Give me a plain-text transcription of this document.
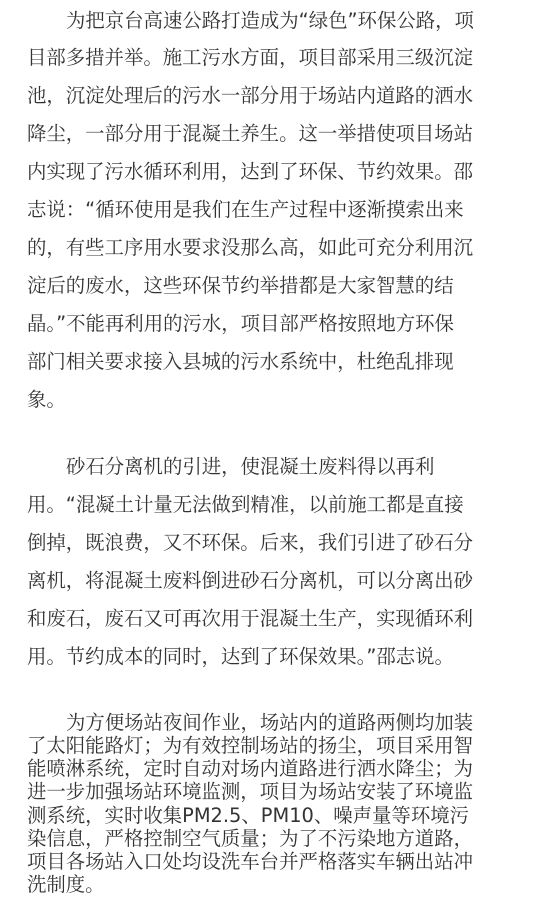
为把京台高速公路打造成为“绿色”环保公路，项
目部多措并举。施工污水方面，项目部采用三级沉淀
池，沉淀处理后的污水一部分用于场站内道路的洒水
降尘，一部分用于混凝土养生。这一举措使项目场站
内实现了污水循环利用，达到了环保、节约效果。邵
志说：“循环使用是我们在生产过程中逐渐摸索出来
的，有些工序用水要求没那么高，如此可充分利用沉
淀后的废水，这些环保节约举措都是大家智慧的结
晶。”不能再利用的污水，项目部严格按照地方环保
部门相关要求接入县城的污水系统中，杜绝乱排现
象。
砂石分离机的引进，使混凝土废料得以再利
用。“混凝土计量无法做到精准，以前施工都是直接
倒掉，既浪费，又不环保。后来，我们引进了砂石分
离机，将混凝土废料倒进砂石分离机，可以分离出砂
和废石，废石又可再次用于混凝土生产，实现循环利
用。节约成本的同时，达到了环保效果。”邵志说。
为方便场站夜间作业，场站内的道路两侧均加装
了太阳能路灯；为有效控制场站的扬尘，项目采用智
能喷淋系统，定时自动对场内道路进行洒水降尘；为
进一步加强场站环境监测，项目为场站安装了环境监
测系统，实时收集PM2.5、PM10、噪声量等环境污
染信息，严格控制空气质量；为了不污染地方道路，
项目各场站入口处均设洗车台并严格落实车辆出站冲
洗制度。
